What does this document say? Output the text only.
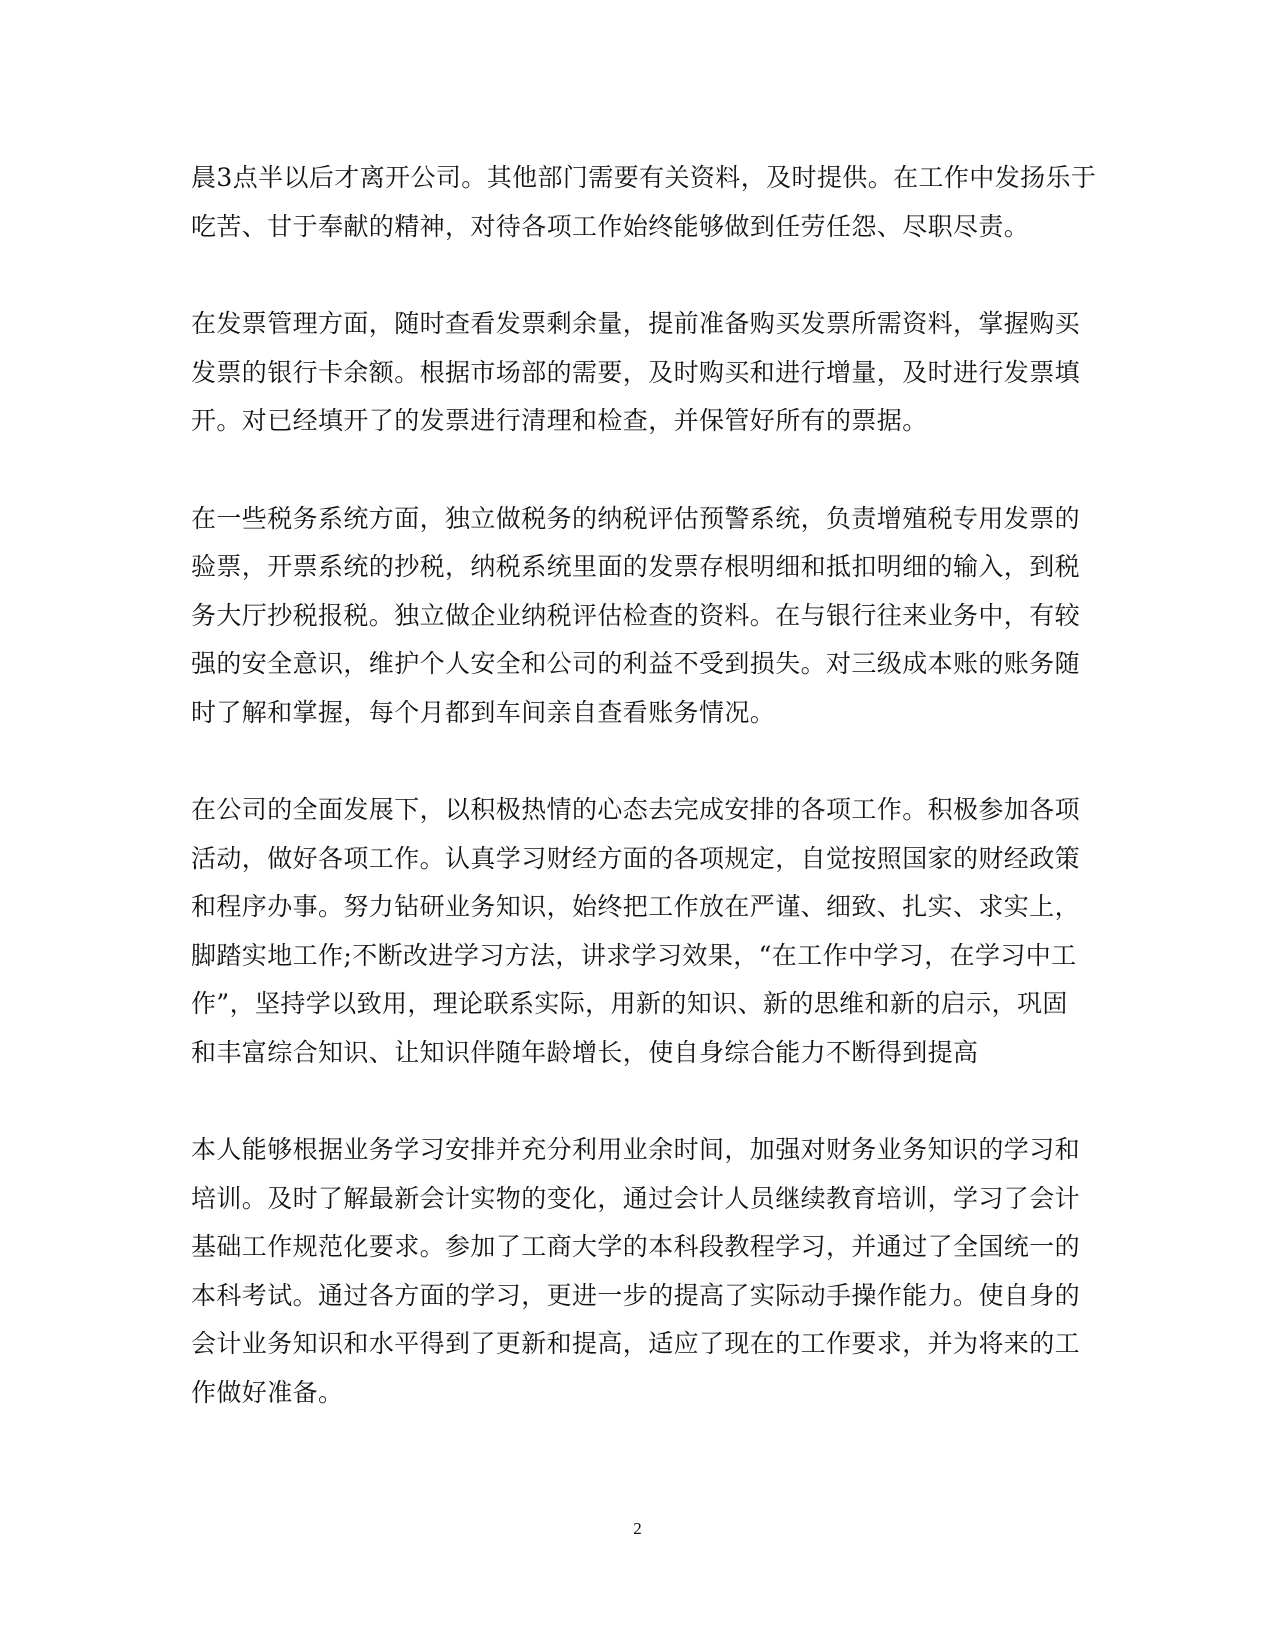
晨3点半以后才离开公司。其他部门需要有关资料，及时提供。在工作中发扬乐于
吃苦、甘于奉献的精神，对待各项工作始终能够做到任劳任怨、尽职尽责。

在发票管理方面，随时查看发票剩余量，提前准备购买发票所需资料，掌握购买
发票的银行卡余额。根据市场部的需要，及时购买和进行增量，及时进行发票填
开。对已经填开了的发票进行清理和检查，并保管好所有的票据。

在一些税务系统方面，独立做税务的纳税评估预警系统，负责增殖税专用发票的
验票，开票系统的抄税，纳税系统里面的发票存根明细和抵扣明细的输入，到税
务大厅抄税报税。独立做企业纳税评估检查的资料。在与银行往来业务中，有较
强的安全意识，维护个人安全和公司的利益不受到损失。对三级成本账的账务随
时了解和掌握，每个月都到车间亲自查看账务情况。

在公司的全面发展下，以积极热情的心态去完成安排的各项工作。积极参加各项
活动，做好各项工作。认真学习财经方面的各项规定，自觉按照国家的财经政策
和程序办事。努力钻研业务知识，始终把工作放在严谨、细致、扎实、求实上，
脚踏实地工作;不断改进学习方法，讲求学习效果，“在工作中学习，在学习中工
作”，坚持学以致用，理论联系实际，用新的知识、新的思维和新的启示，巩固
和丰富综合知识、让知识伴随年龄增长，使自身综合能力不断得到提高

本人能够根据业务学习安排并充分利用业余时间，加强对财务业务知识的学习和
培训。及时了解最新会计实物的变化，通过会计人员继续教育培训，学习了会计
基础工作规范化要求。参加了工商大学的本科段教程学习，并通过了全国统一的
本科考试。通过各方面的学习，更进一步的提高了实际动手操作能力。使自身的
会计业务知识和水平得到了更新和提高，适应了现在的工作要求，并为将来的工
作做好准备。

2
